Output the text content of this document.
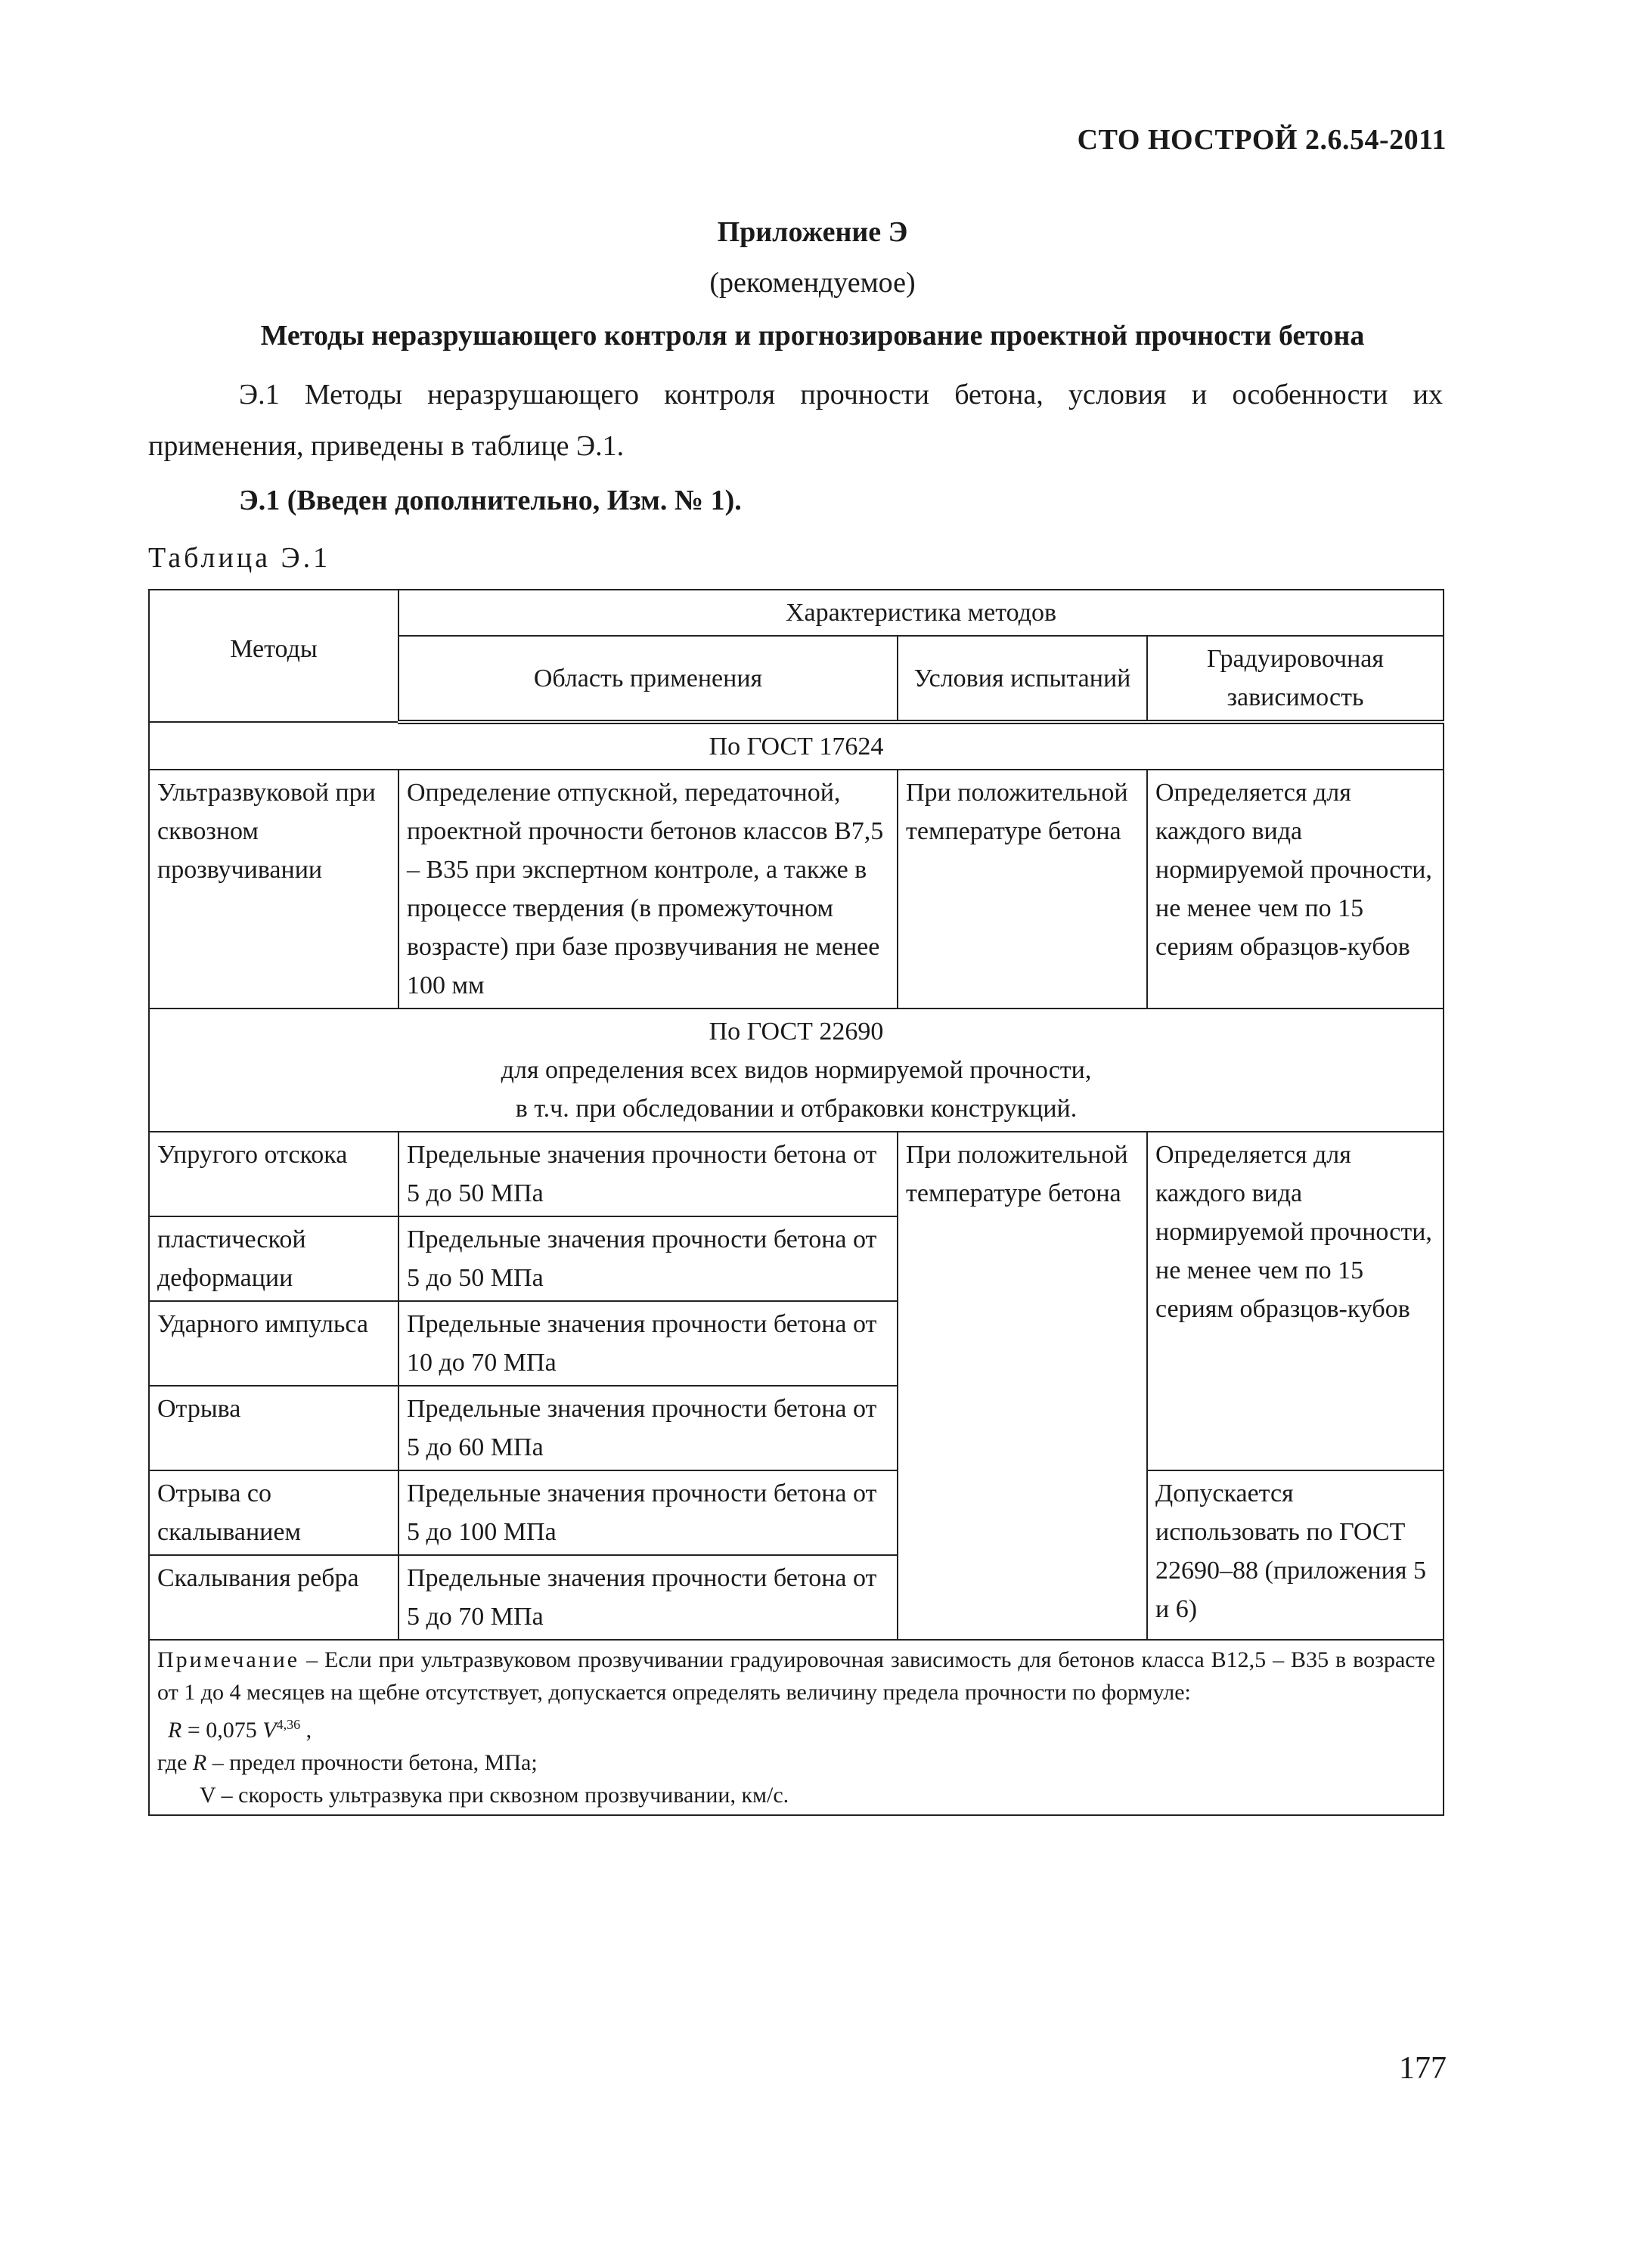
СТО НОСТРОЙ 2.6.54-2011
Приложение Э
(рекомендуемое)
Методы неразрушающего контроля и прогнозирование проектной прочности бетона
Э.1 Методы неразрушающего контроля прочности бетона, условия и особенности их применения, приведены в таблице Э.1.
Э.1 (Введен дополнительно, Изм. № 1).
Таблица Э.1
Методы	Характеристика методов		
	Область применения	Условия испытаний	Градуировочная зависимость
По ГОСТ 17624			
Ультразвуковой при сквозном прозвучивании	Определение отпускной, передаточной, проектной прочности бетонов классов В7,5 – В35 при экспертном контроле, а также в процессе твердения (в промежуточном возрасте) при базе прозвучивания не менее 100 мм	При положительной температуре бетона	Определяется для каждого вида нормируемой прочности, не менее чем по 15 сериям образцов-кубов

По ГОСТ 22690
для определения всех видов нормируемой прочности,
в т.ч. при обследовании и отбраковки конструкций.			

Упругого отскока	Предельные значения прочности бетона от 5 до 50 МПа	При положительной температуре бетона	Определяется для каждого вида нормируемой прочности, не менее чем по 15 сериям образцов-кубов
пластической деформации	Предельные значения прочности бетона от 5 до 50 МПа		
Ударного импульса	Предельные значения прочности бетона от 10 до 70 МПа		
Отрыва	Предельные значения прочности бетона от 5 до 60 МПа		
Отрыва со скалыванием	Предельные значения прочности бетона от 5 до 100 МПа		Допускается использовать по ГОСТ 22690–88 (приложения 5 и 6)
Скалывания ребра	Предельные значения прочности бетона от 5 до 70 МПа		

Примечание – Если при ультразвуковом прозвучивании градуировочная зависимость для бетонов класса В12,5 – В35 в возрасте от 1 до 4 месяцев на щебне отсутствует, допускается определять величину предела прочности по формуле:
R = 0,075 V$^{4,36}$ ,
где R – предел прочности бетона, МПа;
V – скорость ультразвука при сквозном прозвучивании, км/с.			
177
